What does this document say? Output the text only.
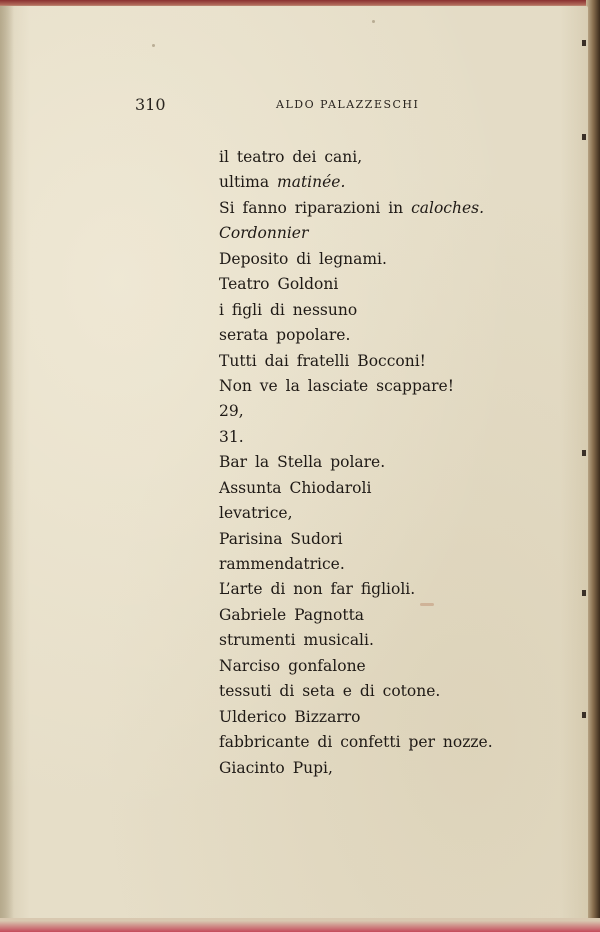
310	ALDO PALAZZESCHI
il teatro dei cani,
ultima matinée.
Si fanno riparazioni in caloches.
Cordonnier
Deposito di legnami.
Teatro Goldoni
i figli di nessuno
serata popolare.
Tutti dai fratelli Bocconi!
Non ve la lasciate scappare!
29,
31.
Bar la Stella polare.
Assunta Chiodaroli
levatrice,
Parisina Sudori
rammendatrice.
L’arte di non far figlioli.
Gabriele Pagnotta
strumenti musicali.
Narciso gonfalone
tessuti di seta e di cotone.
Ulderico Bizzarro
fabbricante di confetti per nozze.
Giacinto Pupi,
